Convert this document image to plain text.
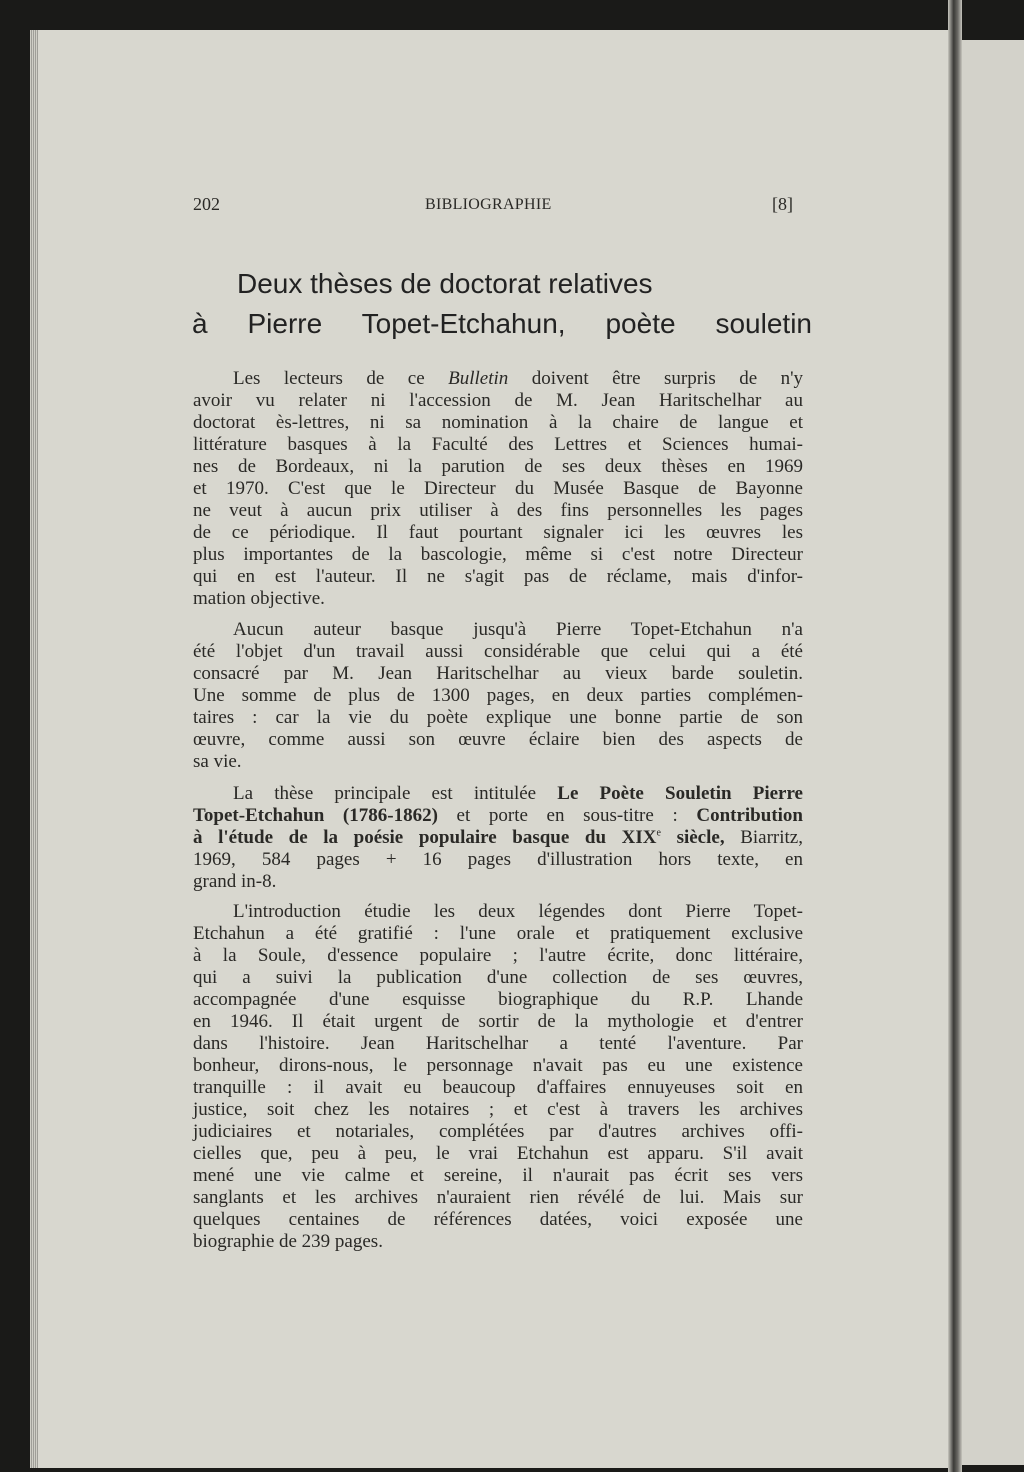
202	BIBLIOGRAPHIE	[8]
Deux thèses de doctorat relatives
à Pierre Topet-Etchahun, poète souletin
Les lecteurs de ce Bulletin doivent être surpris de n'y
avoir vu relater ni l'accession de M. Jean Haritschelhar au
doctorat ès-lettres, ni sa nomination à la chaire de langue et
littérature basques à la Faculté des Lettres et Sciences humai-
nes de Bordeaux, ni la parution de ses deux thèses en 1969
et 1970. C'est que le Directeur du Musée Basque de Bayonne
ne veut à aucun prix utiliser à des fins personnelles les pages
de ce périodique. Il faut pourtant signaler ici les œuvres les
plus importantes de la bascologie, même si c'est notre Directeur
qui en est l'auteur. Il ne s'agit pas de réclame, mais d'infor-
mation objective.
Aucun auteur basque jusqu'à Pierre Topet-Etchahun n'a
été l'objet d'un travail aussi considérable que celui qui a été
consacré par M. Jean Haritschelhar au vieux barde souletin.
Une somme de plus de 1300 pages, en deux parties complémen-
taires : car la vie du poète explique une bonne partie de son
œuvre, comme aussi son œuvre éclaire bien des aspects de
sa vie.
La thèse principale est intitulée Le Poète Souletin Pierre
Topet-Etchahun (1786-1862) et porte en sous-titre : Contribution
à l'étude de la poésie populaire basque du XIXe siècle, Biarritz,
1969, 584 pages + 16 pages d'illustration hors texte, en
grand in-8.
L'introduction étudie les deux légendes dont Pierre Topet-
Etchahun a été gratifié : l'une orale et pratiquement exclusive
à la Soule, d'essence populaire ; l'autre écrite, donc littéraire,
qui a suivi la publication d'une collection de ses œuvres,
accompagnée d'une esquisse biographique du R.P. Lhande
en 1946. Il était urgent de sortir de la mythologie et d'entrer
dans l'histoire. Jean Haritschelhar a tenté l'aventure. Par
bonheur, dirons-nous, le personnage n'avait pas eu une existence
tranquille : il avait eu beaucoup d'affaires ennuyeuses soit en
justice, soit chez les notaires ; et c'est à travers les archives
judiciaires et notariales, complétées par d'autres archives offi-
cielles que, peu à peu, le vrai Etchahun est apparu. S'il avait
mené une vie calme et sereine, il n'aurait pas écrit ses vers
sanglants et les archives n'auraient rien révélé de lui. Mais sur
quelques centaines de références datées, voici exposée une
biographie de 239 pages.
